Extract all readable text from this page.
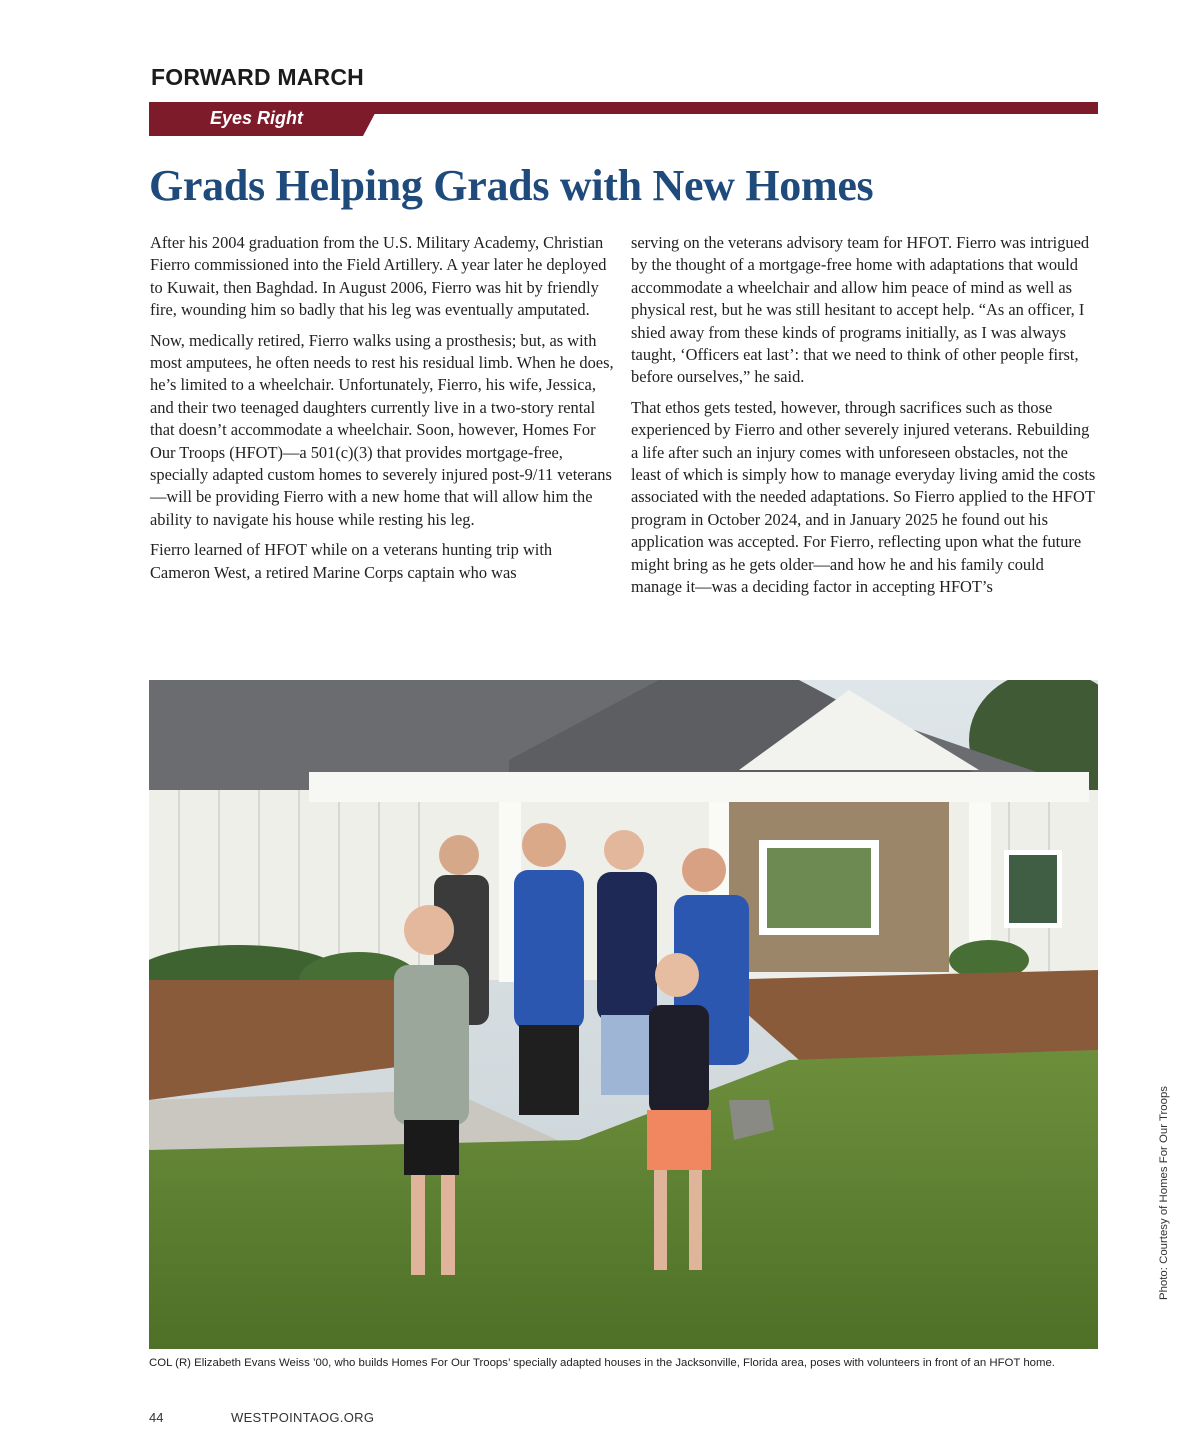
FORWARD MARCH
Eyes Right
Grads Helping Grads with New Homes

After his 2004 graduation from the U.S. Military Academy, Christian Fierro commissioned into the Field Artillery. A year later he deployed to Kuwait, then Baghdad. In August 2006, Fierro was hit by friendly fire, wounding him so badly that his leg was eventually amputated.

Now, medically retired, Fierro walks using a prosthesis; but, as with most amputees, he often needs to rest his residual limb. When he does, he’s limited to a wheelchair. Unfortunately, Fierro, his wife, Jessica, and their two teenaged daughters currently live in a two-story rental that doesn’t accommodate a wheelchair. Soon, however, Homes For Our Troops (HFOT)—a 501(c)(3) that provides mortgage-free, specially adapted custom homes to severely injured post-9/11 veterans—will be providing Fierro with a new home that will allow him the ability to navigate his house while resting his leg.

Fierro learned of HFOT while on a veterans hunting trip with Cameron West, a retired Marine Corps captain who was

serving on the veterans advisory team for HFOT. Fierro was intrigued by the thought of a mortgage-free home with adaptations that would accommodate a wheelchair and allow him peace of mind as well as physical rest, but he was still hesitant to accept help. “As an officer, I shied away from these kinds of programs initially, as I was always taught, ‘Officers eat last’: that we need to think of other people first, before ourselves,” he said.

That ethos gets tested, however, through sacrifices such as those experienced by Fierro and other severely injured veterans. Rebuilding a life after such an injury comes with unforeseen obstacles, not the least of which is simply how to manage everyday living amid the costs associated with the needed adaptations. So Fierro applied to the HFOT program in October 2024, and in January 2025 he found out his application was accepted. For Fierro, reflecting upon what the future might bring as he gets older—and how he and his family could manage it—was a deciding factor in accepting HFOT’s

COL (R) Elizabeth Evans Weiss ’00, who builds Homes For Our Troops’ specially adapted houses in the Jacksonville, Florida area, poses with volunteers in front of an HFOT home.
Photo: Courtesy of Homes For Our Troops
44	WESTPOINTAOG.ORG
